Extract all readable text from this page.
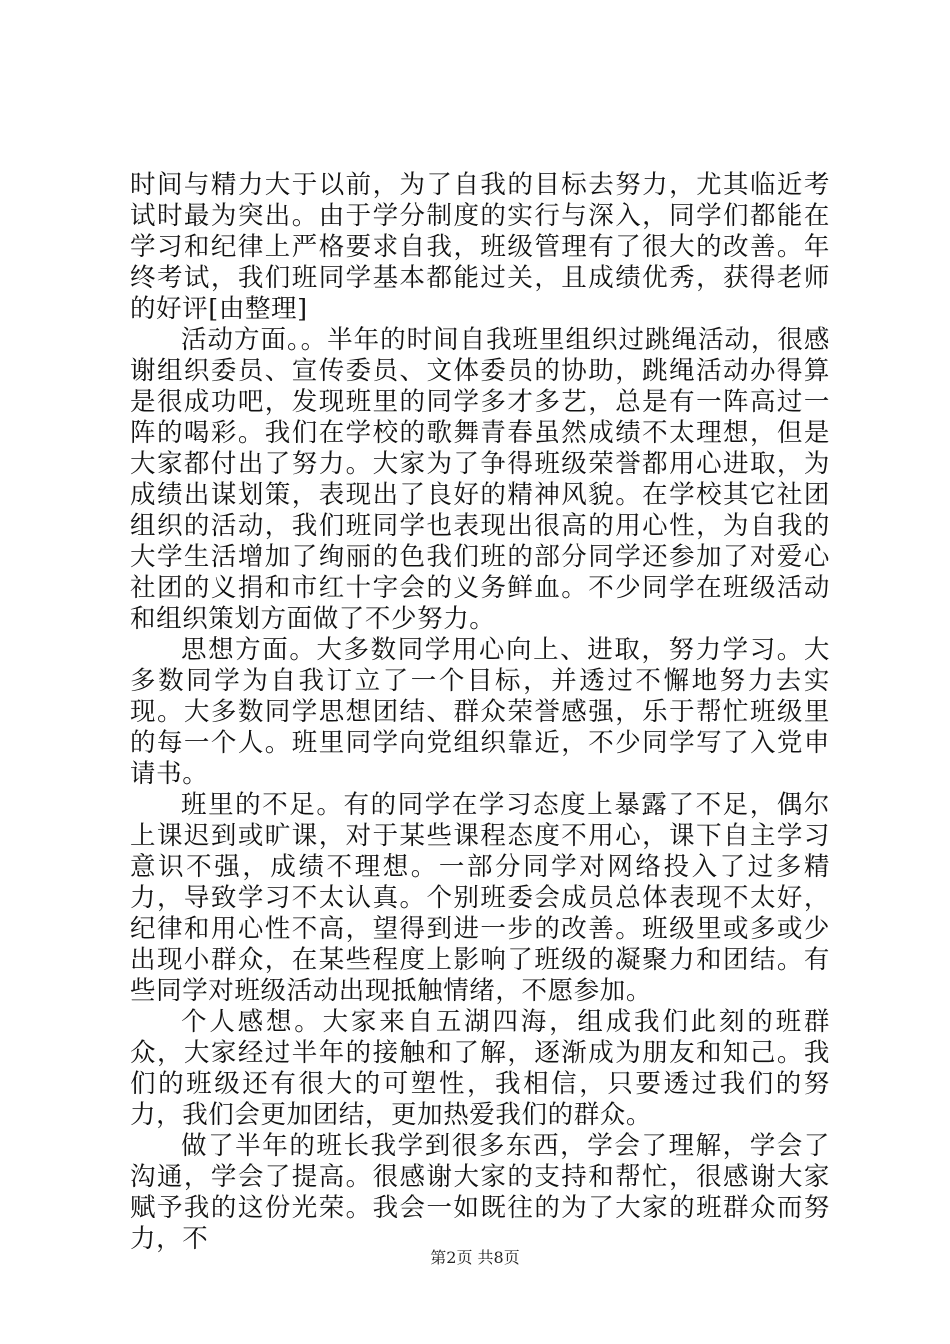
时间与精力大于以前，为了自我的目标去努力，尤其临近考试时最为突出。由于学分制度的实行与深入，同学们都能在学习和纪律上严格要求自我，班级管理有了很大的改善。年终考试，我们班同学基本都能过关，且成绩优秀，获得老师的好评[由整理]

活动方面。。半年的时间自我班里组织过跳绳活动，很感谢组织委员、宣传委员、文体委员的协助，跳绳活动办得算是很成功吧，发现班里的同学多才多艺，总是有一阵高过一阵的喝彩。我们在学校的歌舞青春虽然成绩不太理想，但是大家都付出了努力。大家为了争得班级荣誉都用心进取，为成绩出谋划策，表现出了良好的精神风貌。在学校其它社团组织的活动，我们班同学也表现出很高的用心性，为自我的大学生活增加了绚丽的色我们班的部分同学还参加了对爱心社团的义捐和市红十字会的义务鲜血。不少同学在班级活动和组织策划方面做了不少努力。

思想方面。大多数同学用心向上、进取，努力学习。大多数同学为自我订立了一个目标，并透过不懈地努力去实现。大多数同学思想团结、群众荣誉感强，乐于帮忙班级里的每一个人。班里同学向党组织靠近，不少同学写了入党申请书。

班里的不足。有的同学在学习态度上暴露了不足，偶尔上课迟到或旷课，对于某些课程态度不用心，课下自主学习意识不强，成绩不理想。一部分同学对网络投入了过多精力，导致学习不太认真。个别班委会成员总体表现不太好，纪律和用心性不高，望得到进一步的改善。班级里或多或少出现小群众，在某些程度上影响了班级的凝聚力和团结。有些同学对班级活动出现抵触情绪，不愿参加。

个人感想。大家来自五湖四海，组成我们此刻的班群众，大家经过半年的接触和了解，逐渐成为朋友和知己。我们的班级还有很大的可塑性，我相信，只要透过我们的努力，我们会更加团结，更加热爱我们的群众。

做了半年的班长我学到很多东西，学会了理解，学会了沟通，学会了提高。很感谢大家的支持和帮忙，很感谢大家赋予我的这份光荣。我会一如既往的为了大家的班群众而努力，不

第2页 共8页
